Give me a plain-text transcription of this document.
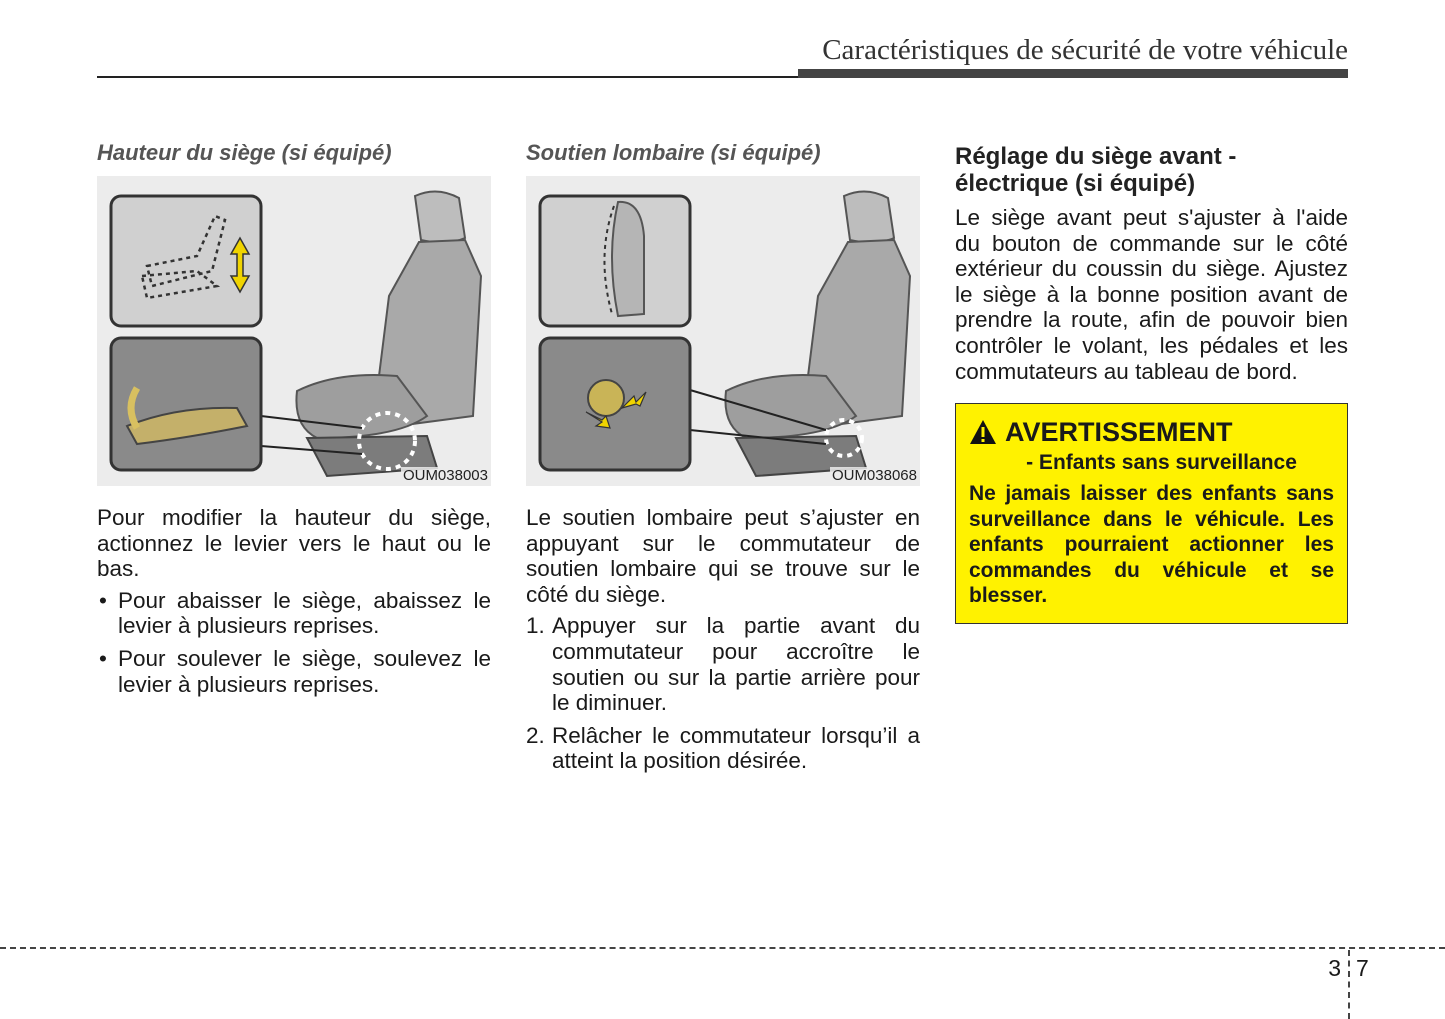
Caractéristiques de sécurité de votre véhicule
Hauteur du siège (si équipé)
OUM038003
Pour modifier la hauteur du siège, actionnez le levier vers le haut ou le bas.
• Pour abaisser le siège, abaissez le levier à plusieurs reprises.
• Pour soulever le siège, soulevez le levier à plusieurs reprises.
Soutien lombaire (si équipé)
OUM038068
Le soutien lombaire peut s’ajuster en appuyant sur le commutateur de soutien lombaire qui se trouve sur le côté du siège.
1. Appuyer sur la partie avant du commutateur pour accroître le soutien ou sur la partie arrière pour le diminuer.
2. Relâcher le commutateur lorsqu’il a atteint la position désirée.
Réglage du siège avant - électrique (si équipé)
Le siège avant peut s'ajuster à l'aide du bouton de commande sur le côté extérieur du coussin du siège. Ajustez le siège à la bonne position avant de prendre la route, afin de pouvoir bien contrôler le volant, les pédales et les commutateurs au tableau de bord.
AVERTISSEMENT
- Enfants sans surveillance
Ne jamais laisser des enfants sans surveillance dans le véhicule. Les enfants pourraient actionner les commandes du véhicule et se blesser.
3 7
